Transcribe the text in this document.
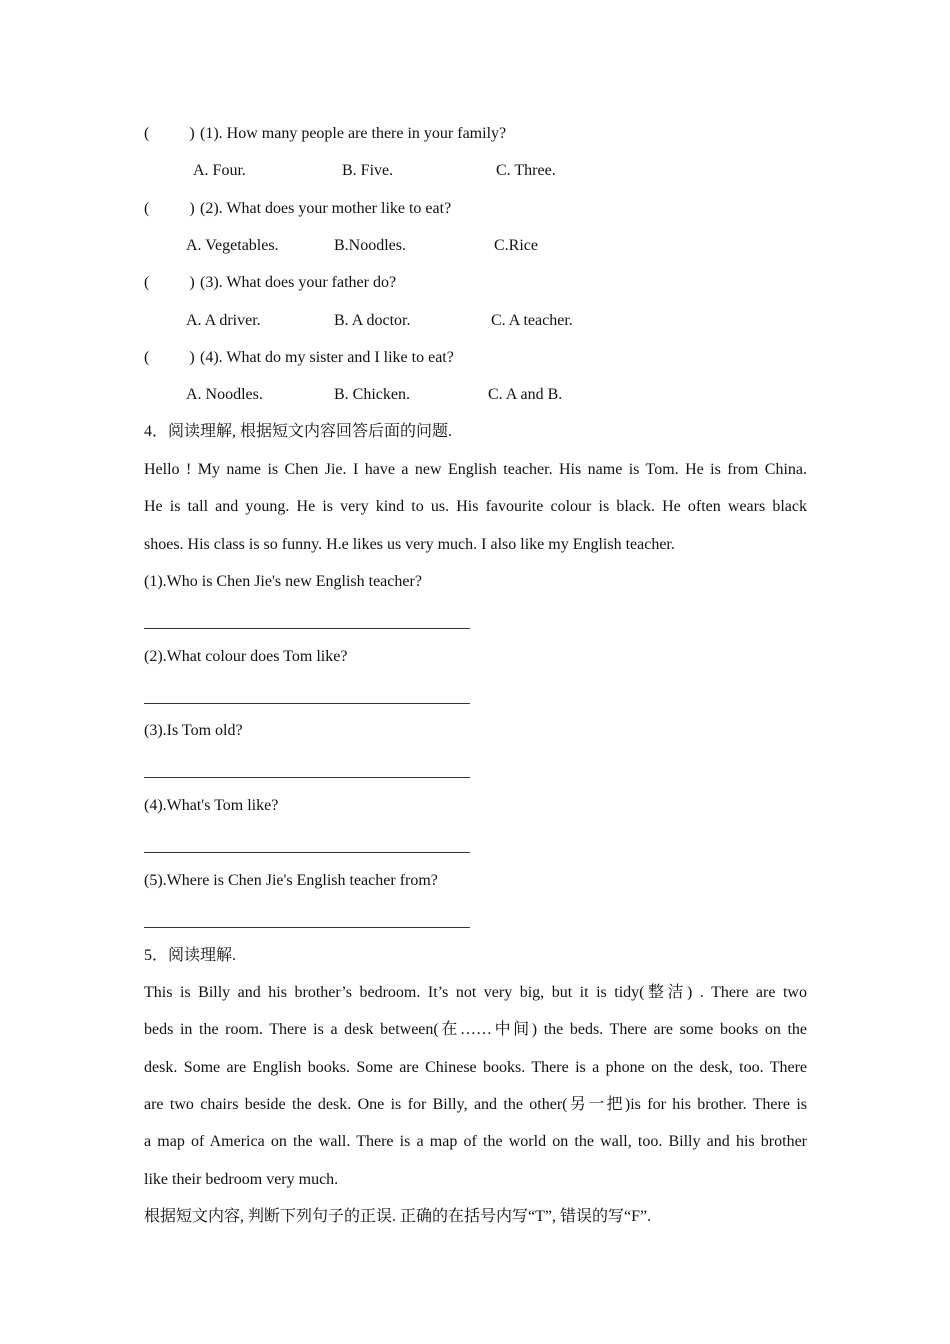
(          ) (1). How many people are there in your family?
A. Four.	B. Five.	C. Three.
(          ) (2). What does your mother like to eat?
A. Vegetables.	B.Noodles.	C.Rice
(          ) (3). What does your father do?
A. A driver.	B. A doctor.	C. A teacher.
(          ) (4). What do my sister and I like to eat?
A. Noodles.	B. Chicken.	C. A and B.
4．阅读理解, 根据短文内容回答后面的问题.
Hello ! My name is Chen Jie. I have a new English teacher. His name is Tom. He is from China.
He is tall and young. He is very kind to us. His favourite colour is black. He often wears black
shoes. His class is so funny. H.e likes us very much. I also like my English teacher.
(1).Who is Chen Jie's new English teacher?
(2).What colour does Tom like?
(3).Is Tom old?
(4).What's Tom like?
(5).Where is Chen Jie's English teacher from?
5．阅读理解.
This is Billy and his brother’s bedroom. It’s not very big, but it is tidy(整洁) . There are two
beds in the room. There is a desk between(在……中间) the beds. There are some books on the
desk. Some are English books. Some are Chinese books. There is a phone on the desk, too. There
are two chairs beside the desk. One is for Billy, and the other(另一把)is for his brother. There is
a map of America on the wall. There is a map of the world on the wall, too. Billy and his brother
like their bedroom very much.
根据短文内容, 判断下列句子的正误. 正确的在括号内写“T”, 错误的写“F”.
